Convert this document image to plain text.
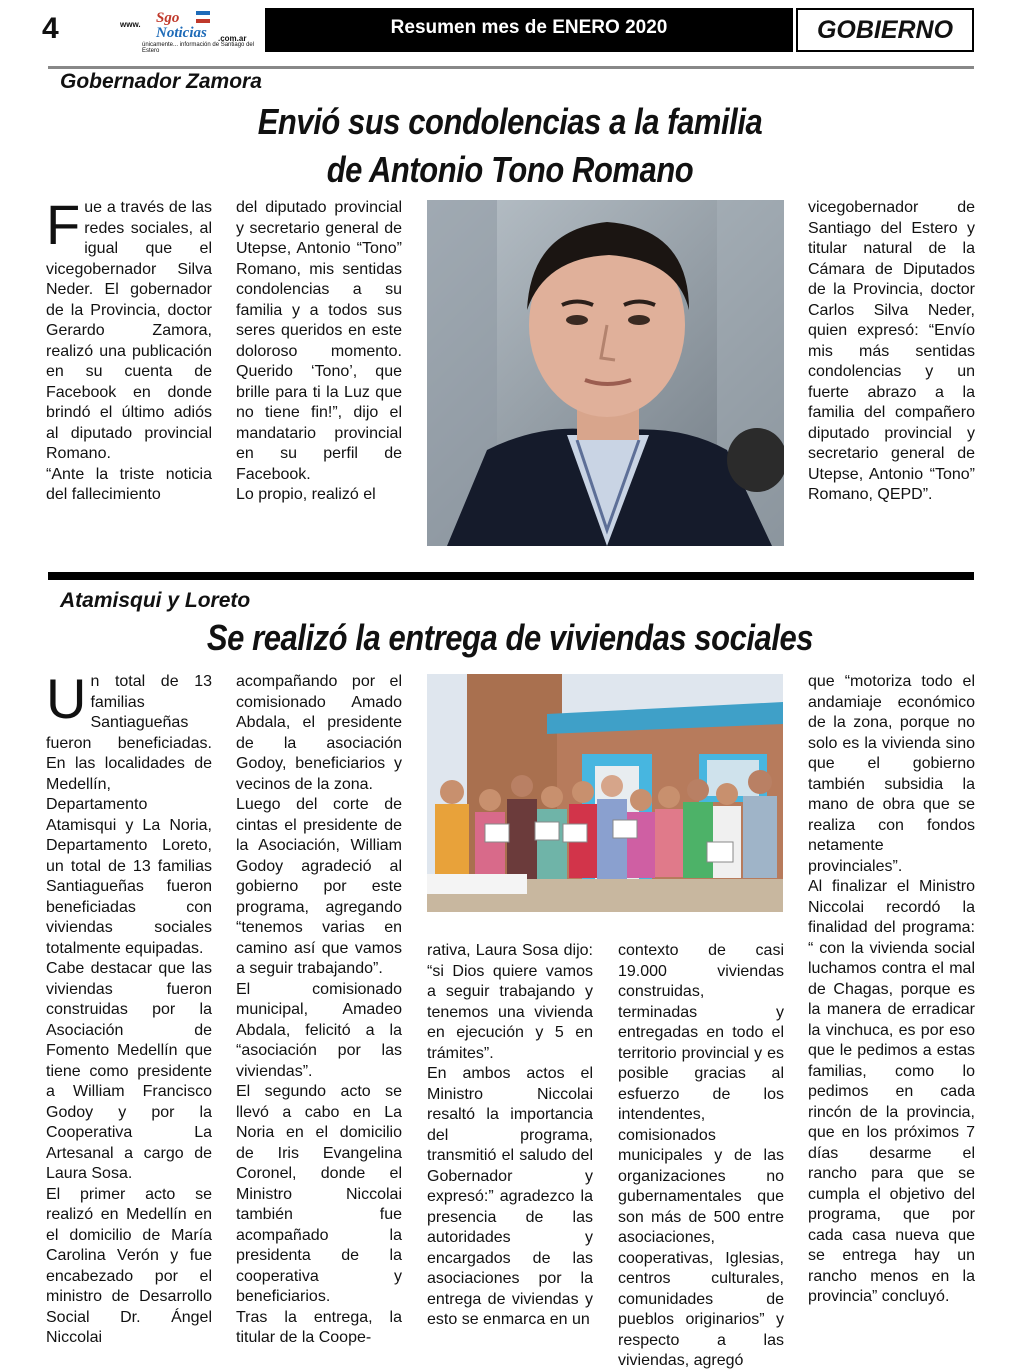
4	www. Sgo
Noticias .com.ar
únicamente... información de Santiago del Estero
Resumen mes de ENERO 2020	GOBIERNO
Gobernador Zamora
Envió sus condolencias a la familia
de Antonio Tono Romano
F ue a través de las redes sociales, al igual que el vicegobernador Silva Neder. El gobernador de la Provincia, doctor Gerardo Zamora, realizó una publicación en su cuenta de Facebook en donde brindó el último adiós al diputado provincial Romano.

“Ante la triste noticia del fallecimiento

del diputado provincial y secretario general de Utepse, Antonio “Tono” Romano, mis sentidas condolencias a su familia y a todos sus seres queridos en este doloroso momento. Querido ‘Tono’, que brille para ti la Luz que no tiene fin!”, dijo el mandatario provincial en su perfil de Facebook.

Lo propio, realizó el

vicegobernador de Santiago del Estero y titular natural de la Cámara de Diputados de la Provincia, doctor Carlos Silva Neder, quien expresó: “Envío mis más sentidas condolencias y un fuerte abrazo a la familia del compañero diputado provincial y secretario general de Utepse, Antonio “Tono” Romano, QEPD”.

Atamisqui y Loreto
Se realizó la entrega de viviendas sociales
U n total de 13 familias Santiagueñas fueron beneficiadas. En las localidades de Medellín, Departamento Atamisqui y La Noria, Departamento Loreto, un total de 13 familias Santiagueñas fueron beneficiadas con viviendas sociales totalmente equipadas.

Cabe destacar que las viviendas fueron construidas por la Asociación de Fomento Medellín que tiene como presidente a William Francisco Godoy y por la Cooperativa La Artesanal a cargo de Laura Sosa.

El primer acto se realizó en Medellín en el domicilio de María Carolina Verón y fue encabezado por el ministro de Desarrollo Social Dr. Ángel Niccolai

acompañando por el comisionado Amado Abdala, el presidente de la asociación Godoy, beneficiarios y vecinos de la zona.

Luego del corte de cintas el presidente de la Asociación, William Godoy agradeció al gobierno por este programa, agregando “tenemos varias en camino así que vamos a seguir trabajando”.

El comisionado municipal, Amadeo Abdala, felicitó a la “asociación por las viviendas”.

El segundo acto se llevó a cabo en La Noria en el domicilio de Iris Evangelina Coronel, donde el Ministro Niccolai también fue acompañado la presidenta de la cooperativa y beneficiarios.

Tras la entrega, la titular de la Coope-

rativa, Laura Sosa dijo: “si Dios quiere vamos a seguir trabajando y tenemos una vivienda en ejecución y 5 en trámites”.

En ambos actos el Ministro Niccolai resaltó la importancia del programa, transmitió el saludo del Gobernador y expresó:” agradezco la presencia de las autoridades y encargados de las asociaciones por la entrega de viviendas y esto se enmarca en un

contexto de casi 19.000 viviendas construidas, terminadas y entregadas en todo el territorio provincial y es posible gracias al esfuerzo de los intendentes, comisionados municipales y de las organizaciones no gubernamentales que son más de 500 entre asociaciones, cooperativas, Iglesias, centros culturales, comunidades de pueblos originarios” y respecto a las viviendas, agregó

que “motoriza todo el andamiaje económico de la zona, porque no solo es la vivienda sino que el gobierno también subsidia la mano de obra que se realiza con fondos netamente provinciales”.

Al finalizar el Ministro Niccolai recordó la finalidad del programa: “ con la vivienda social luchamos contra el mal de Chagas, porque es la manera de erradicar la vinchuca, es por eso que le pedimos a estas familias, como lo pedimos en cada rincón de la provincia, que en los próximos 7 días desarme el rancho para que se cumpla el objetivo del programa, que por cada casa nueva que se entrega hay un rancho menos en la provincia” concluyó.
